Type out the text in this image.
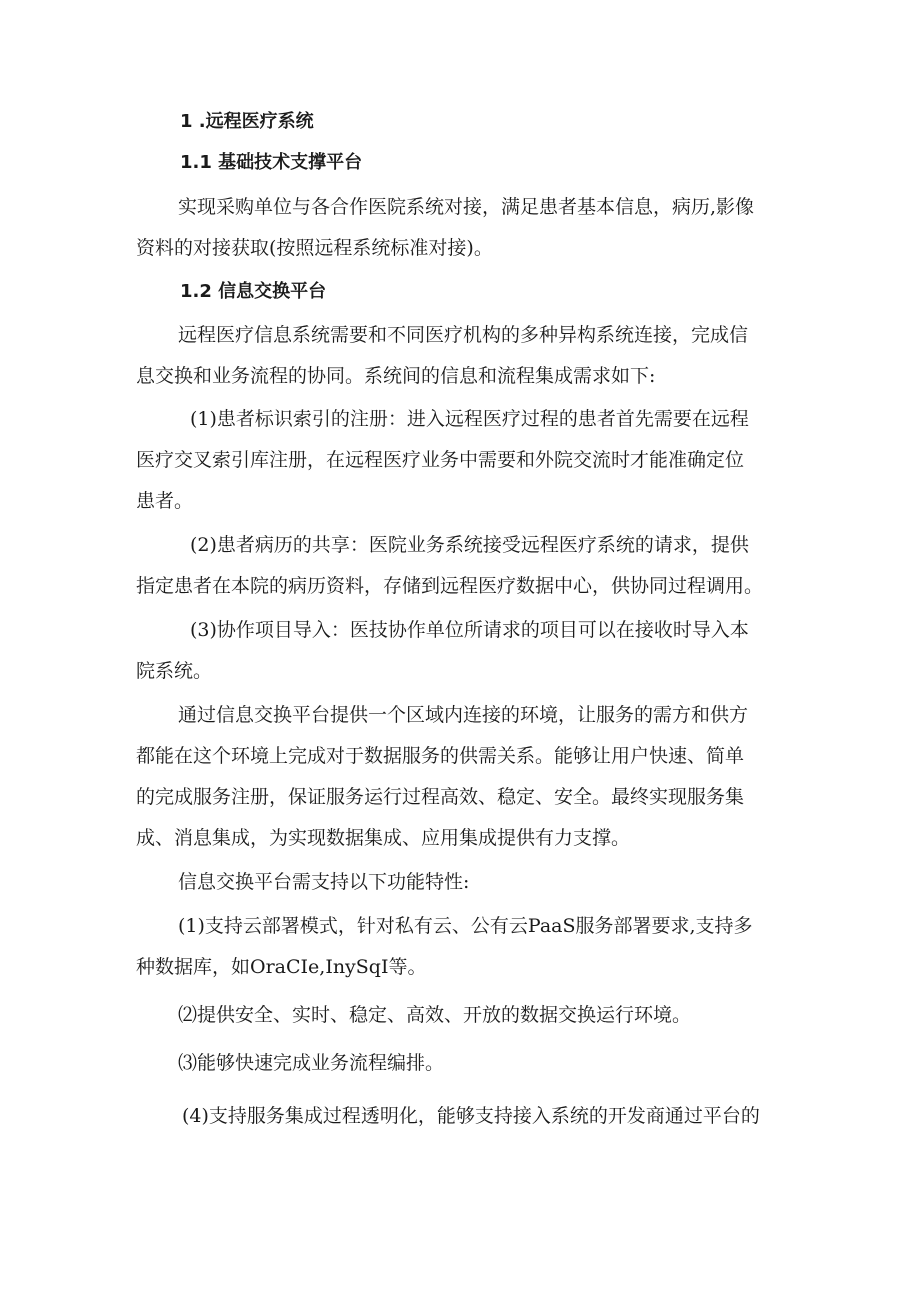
1 .远程医疗系统

1.1 基础技术支撑平台

实现采购单位与各合作医院系统对接，满足患者基本信息，病历,影像

资料的对接获取(按照远程系统标准对接)。

1.2 信息交换平台

远程医疗信息系统需要和不同医疗机构的多种异构系统连接，完成信

息交换和业务流程的协同。系统间的信息和流程集成需求如下:

(1)患者标识索引的注册：进入远程医疗过程的患者首先需要在远程

医疗交叉索引库注册，在远程医疗业务中需要和外院交流时才能准确定位

患者。

(2)患者病历的共享：医院业务系统接受远程医疗系统的请求，提供

指定患者在本院的病历资料，存储到远程医疗数据中心，供协同过程调用。

(3)协作项目导入：医技协作单位所请求的项目可以在接收时导入本

院系统。

通过信息交换平台提供一个区域内连接的环境，让服务的需方和供方

都能在这个环境上完成对于数据服务的供需关系。能够让用户快速、简单

的完成服务注册，保证服务运行过程高效、稳定、安全。最终实现服务集

成、消息集成，为实现数据集成、应用集成提供有力支撑。

信息交换平台需支持以下功能特性:

(1)支持云部署模式，针对私有云、公有云PaaS服务部署要求,支持多

种数据库，如OraCIe,InySqI等。

⑵提供安全、实时、稳定、高效、开放的数据交换运行环境。

⑶能够快速完成业务流程编排。

(4)支持服务集成过程透明化，能够支持接入系统的开发商通过平台的
